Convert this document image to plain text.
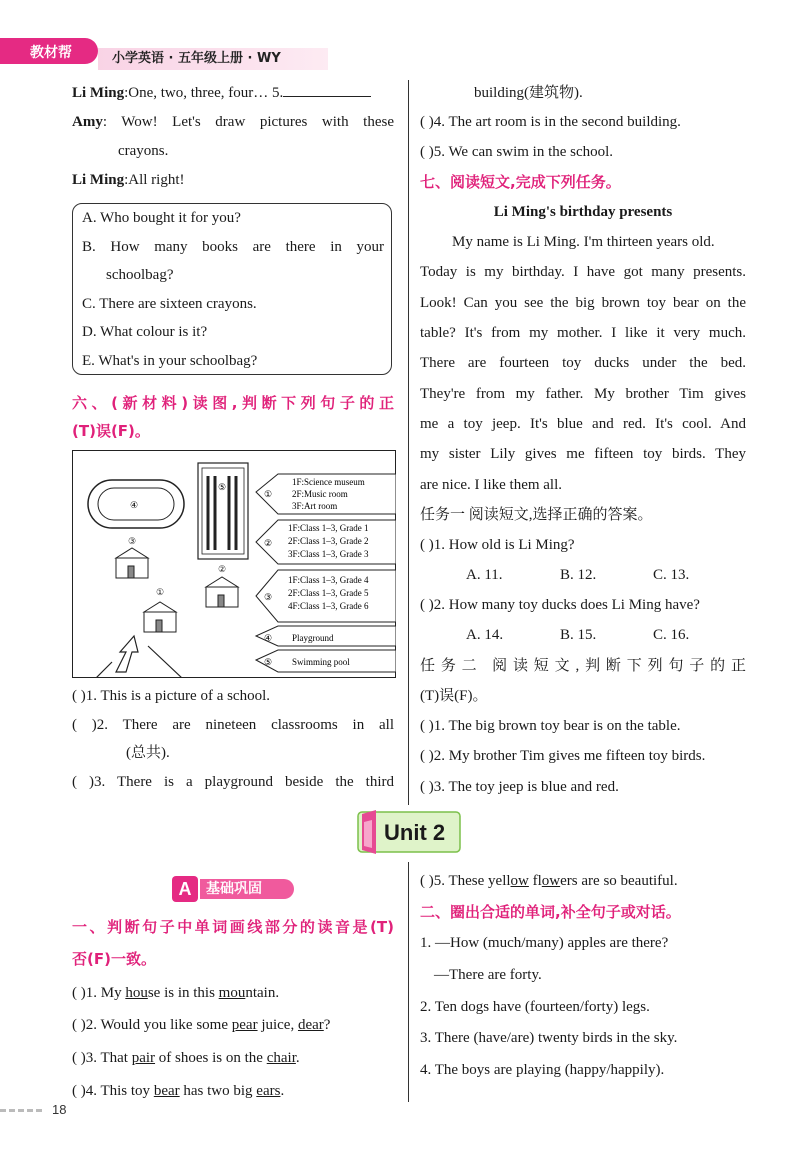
教材帮	小学英语 · 五年级上册 · WY
Li Ming:One, two, three, four… 5.
Amy : Wow! Let's draw pictures with these
crayons.
Li Ming:All right!
A. Who bought it for you?
B. How many books are there in your
schoolbag?
C. There are sixteen crayons.
D. What colour is it?
E. What's in your schoolbag?
六、(新材料)读图,判断下列句子的正
(T)误(F)。
④
⑤
③
②
①
①
②
③
④
⑤
1F:Science museum
2F:Music room
3F:Art room
1F:Class 1–3, Grade 1
2F:Class 1–3, Grade 2
3F:Class 1–3, Grade 3
1F:Class 1–3, Grade 4
2F:Class 1–3, Grade 5
4F:Class 1–3, Grade 6
Playground
Swimming pool
( )1. This is a picture of a school.
( )2. There are nineteen classrooms in all
(总共).
( )3. There is a playground beside the third
building(建筑物).
( )4. The art room is in the second building.
( )5. We can swim in the school.
七、阅读短文,完成下列任务。
Li Ming's birthday presents
My name is Li Ming. I'm thirteen years old.
Today is my birthday. I have got many presents.
Look! Can you see the big brown toy bear on the
table? It's from my mother. I like it very much.
There are fourteen toy ducks under the bed.
They're from my father. My brother Tim gives
me a toy jeep. It's blue and red. It's cool. And
my sister Lily gives me fifteen toy birds. They
are nice. I like them all.
任务一 阅读短文,选择正确的答案。
( )1. How old is Li Ming?
A. 11.	B. 12.	C. 13.
( )2. How many toy ducks does Li Ming have?
A. 14.	B. 15.	C. 16.
任务二 阅读短文,判断下列句子的正
(T)误(F)。
( )1. The big brown toy bear is on the table.
( )2. My brother Tim gives me fifteen toy birds.
( )3. The toy jeep is blue and red.
Unit 2
A	基础巩固
一、判断句子中单词画线部分的读音是(T)
否(F)一致。
( )1. My house is in this mountain.
( )2. Would you like some pear juice, dear?
( )3. That pair of shoes is on the chair.
( )4. This toy bear has two big ears.
( )5. These yellow flowers are so beautiful.
二、圈出合适的单词,补全句子或对话。
1. —How (much/many) apples are there?
—There are forty.
2. Ten dogs have (fourteen/forty) legs.
3. There (have/are) twenty birds in the sky.
4. The boys are playing (happy/happily).
18
